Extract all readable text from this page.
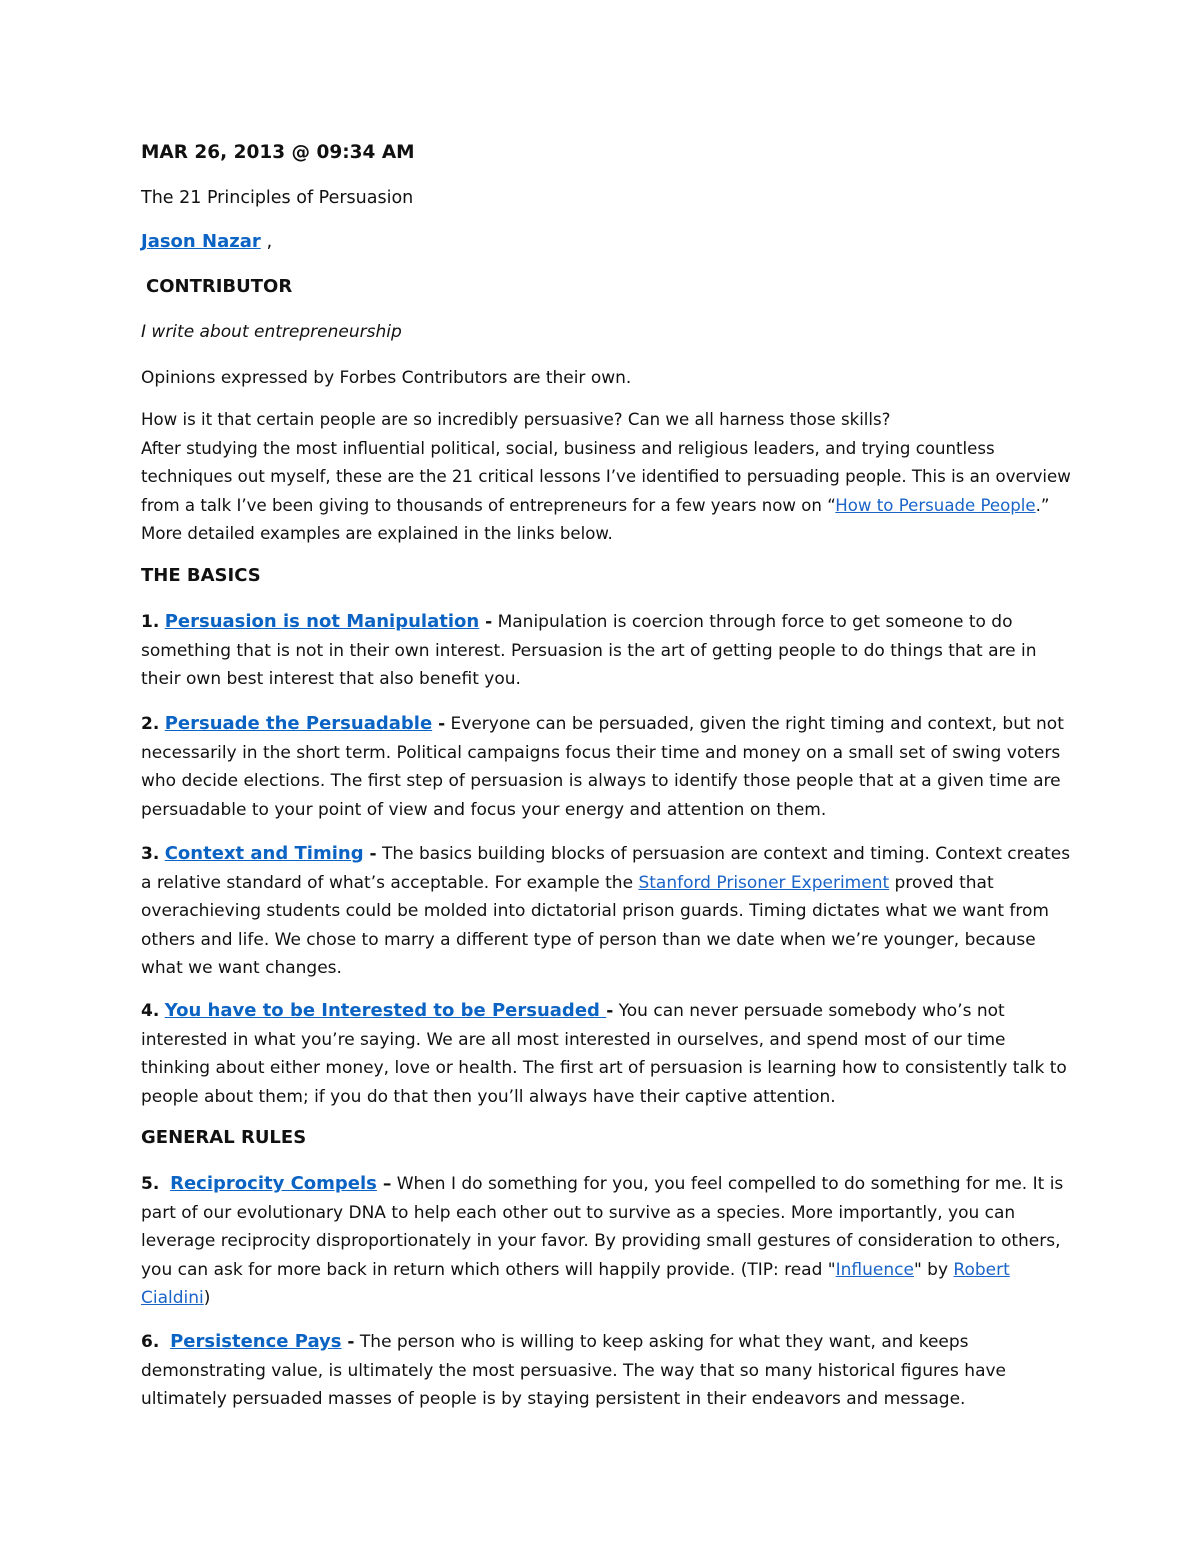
MAR 26, 2013 @ 09:34 AM

The 21 Principles of Persuasion

Jason Nazar ,

CONTRIBUTOR

I write about entrepreneurship

Opinions expressed by Forbes Contributors are their own.

How is it that certain people are so incredibly persuasive? Can we all harness those skills?
After studying the most influential political, social, business and religious leaders, and trying countless techniques out myself, these are the 21 critical lessons I’ve identified to persuading people. This is an overview from a talk I’ve been giving to thousands of entrepreneurs for a few years now on “How to Persuade People.” More detailed examples are explained in the links below.

THE BASICS

1. Persuasion is not Manipulation - Manipulation is coercion through force to get someone to do something that is not in their own interest. Persuasion is the art of getting people to do things that are in their own best interest that also benefit you.
2. Persuade the Persuadable - Everyone can be persuaded, given the right timing and context, but not necessarily in the short term. Political campaigns focus their time and money on a small set of swing voters who decide elections. The first step of persuasion is always to identify those people that at a given time are persuadable to your point of view and focus your energy and attention on them.
3. Context and Timing - The basics building blocks of persuasion are context and timing. Context creates a relative standard of what’s acceptable. For example the Stanford Prisoner Experiment proved that overachieving students could be molded into dictatorial prison guards. Timing dictates what we want from others and life. We chose to marry a different type of person than we date when we’re younger, because what we want changes.
4. You have to be Interested to be Persuaded - You can never persuade somebody who’s not interested in what you’re saying. We are all most interested in ourselves, and spend most of our time thinking about either money, love or health. The first art of persuasion is learning how to consistently talk to people about them; if you do that then you’ll always have their captive attention.

GENERAL RULES

5. Reciprocity Compels – When I do something for you, you feel compelled to do something for me. It is part of our evolutionary DNA to help each other out to survive as a species. More importantly, you can leverage reciprocity disproportionately in your favor. By providing small gestures of consideration to others, you can ask for more back in return which others will happily provide. (TIP: read "Influence" by Robert Cialdini)
6. Persistence Pays - The person who is willing to keep asking for what they want, and keeps demonstrating value, is ultimately the most persuasive. The way that so many historical figures have ultimately persuaded masses of people is by staying persistent in their endeavors and message.
